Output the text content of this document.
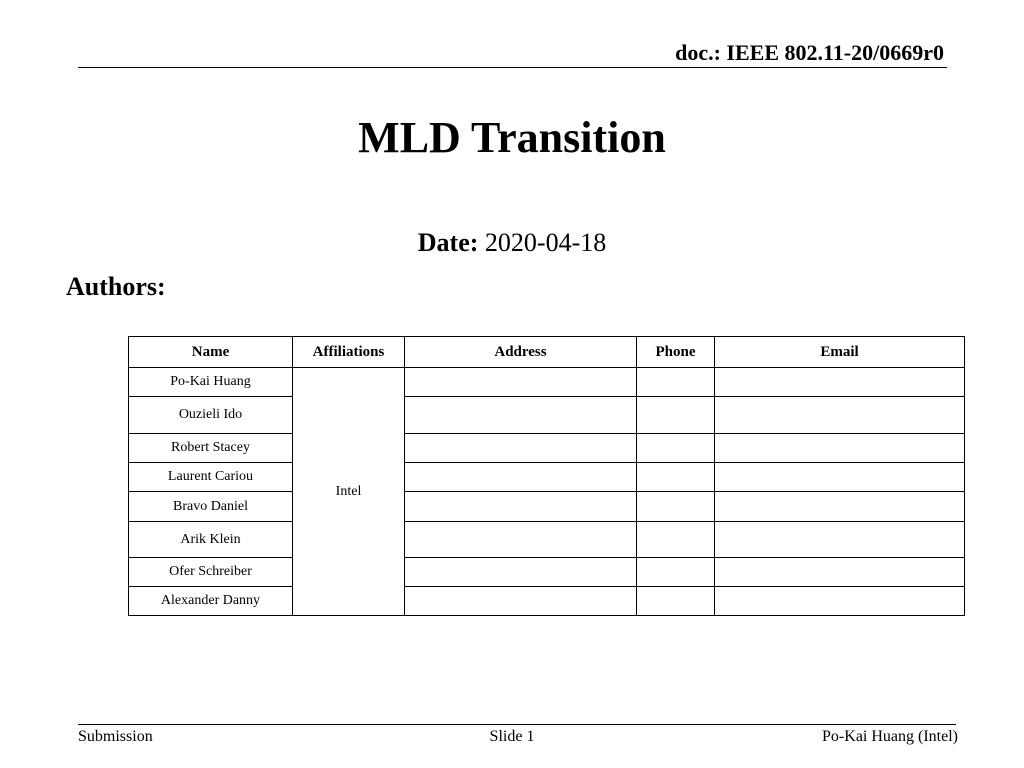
doc.: IEEE 802.11-20/0669r0
MLD Transition
Date: 2020-04-18
Authors:
Name	Affiliations	Address	Phone	Email
Po-Kai Huang	Intel			
Ouzieli Ido				
Robert Stacey				
Laurent Cariou				
Bravo Daniel				
Arik Klein				
Ofer Schreiber				
Alexander Danny				
Submission	Slide 1	Po-Kai Huang (Intel)
